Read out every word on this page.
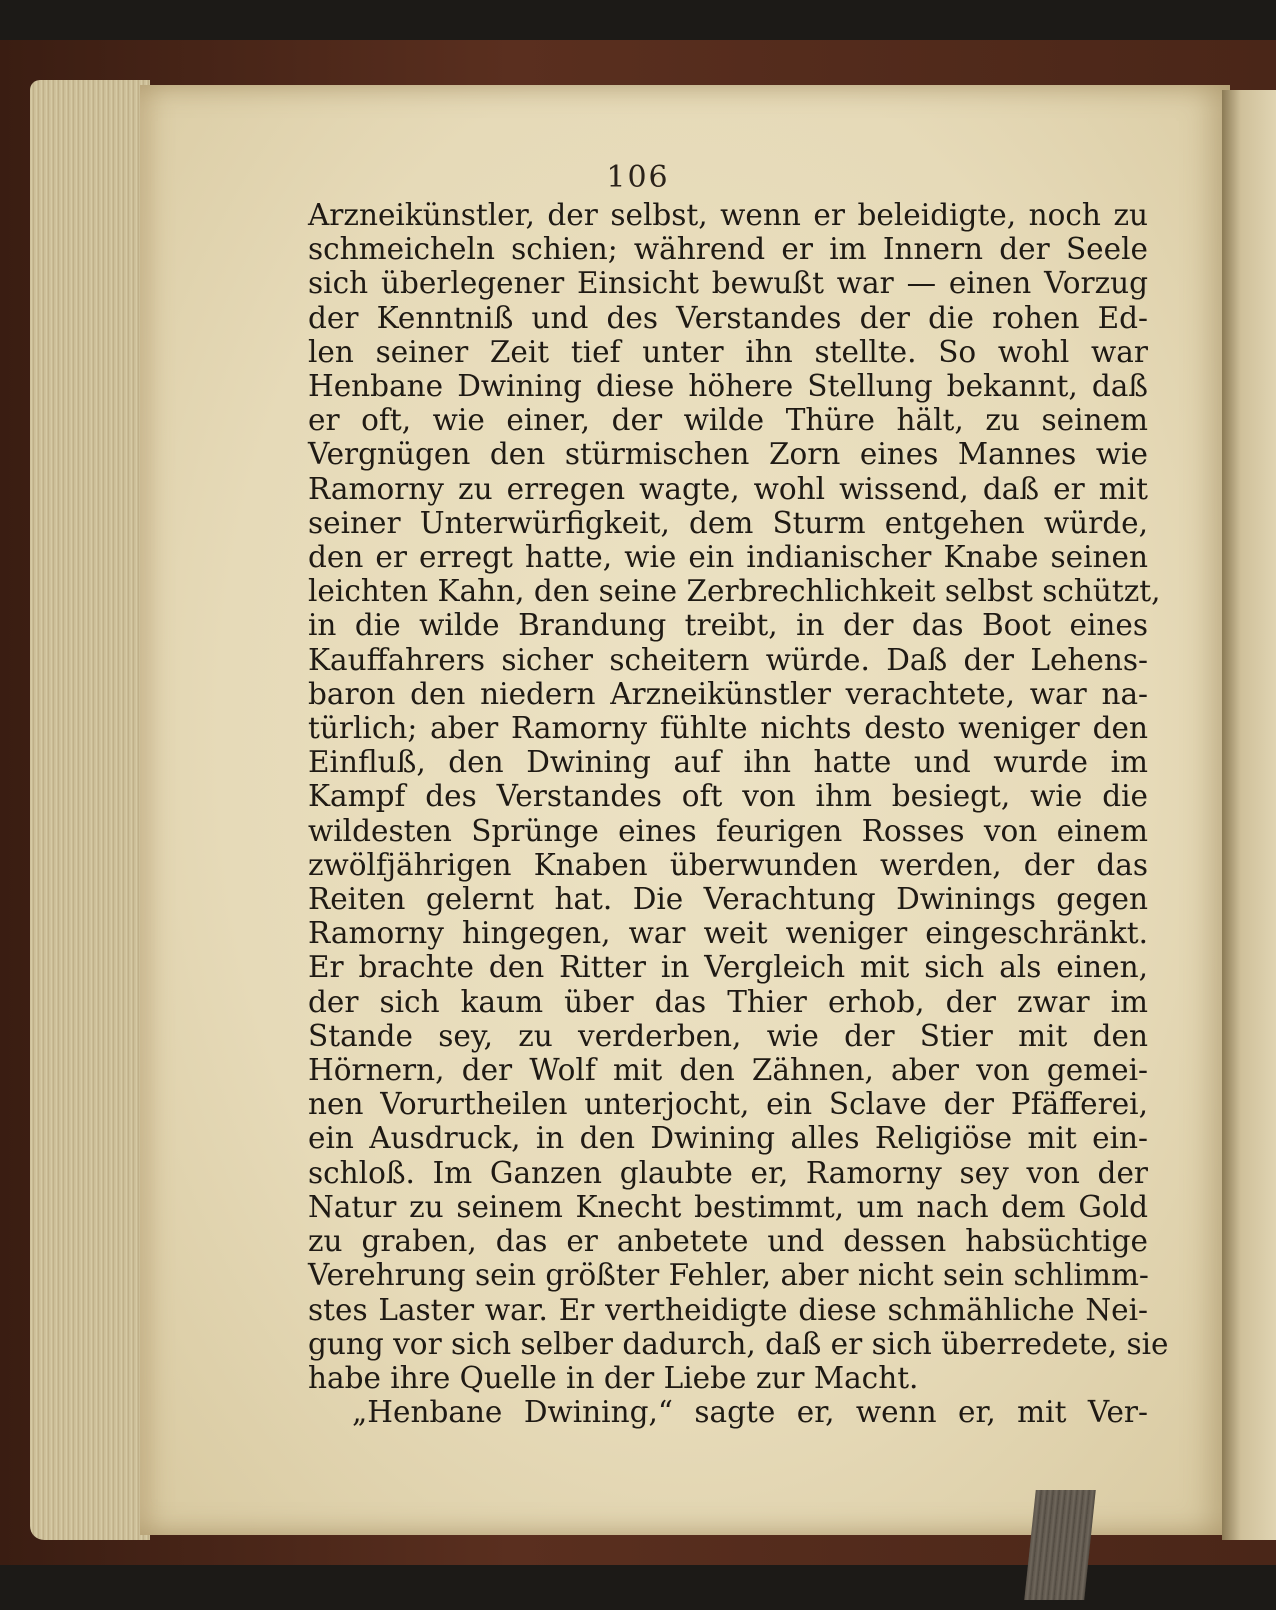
106
Arzneikünstler, der selbst, wenn er beleidigte, noch zu
schmeicheln schien; während er im Innern der Seele
sich überlegener Einsicht bewußt war — einen Vorzug
der Kenntniß und des Verstandes der die rohen Ed-
len seiner Zeit tief unter ihn stellte. So wohl war
Henbane Dwining diese höhere Stellung bekannt, daß
er oft, wie einer, der wilde Thüre hält, zu seinem
Vergnügen den stürmischen Zorn eines Mannes wie
Ramorny zu erregen wagte, wohl wissend, daß er mit
seiner Unterwürfigkeit, dem Sturm entgehen würde,
den er erregt hatte, wie ein indianischer Knabe seinen
leichten Kahn, den seine Zerbrechlichkeit selbst schützt,
in die wilde Brandung treibt, in der das Boot eines
Kauffahrers sicher scheitern würde. Daß der Lehens-
baron den niedern Arzneikünstler verachtete, war na-
türlich; aber Ramorny fühlte nichts desto weniger den
Einfluß, den Dwining auf ihn hatte und wurde im
Kampf des Verstandes oft von ihm besiegt, wie die
wildesten Sprünge eines feurigen Rosses von einem
zwölfjährigen Knaben überwunden werden, der das
Reiten gelernt hat. Die Verachtung Dwinings gegen
Ramorny hingegen, war weit weniger eingeschränkt.
Er brachte den Ritter in Vergleich mit sich als einen,
der sich kaum über das Thier erhob, der zwar im
Stande sey, zu verderben, wie der Stier mit den
Hörnern, der Wolf mit den Zähnen, aber von gemei-
nen Vorurtheilen unterjocht, ein Sclave der Pfäfferei,
ein Ausdruck, in den Dwining alles Religiöse mit ein-
schloß. Im Ganzen glaubte er, Ramorny sey von der
Natur zu seinem Knecht bestimmt, um nach dem Gold
zu graben, das er anbetete und dessen habsüchtige
Verehrung sein größter Fehler, aber nicht sein schlimm-
stes Laster war. Er vertheidigte diese schmähliche Nei-
gung vor sich selber dadurch, daß er sich überredete, sie
habe ihre Quelle in der Liebe zur Macht.
„Henbane Dwining,“ sagte er, wenn er, mit Ver-
